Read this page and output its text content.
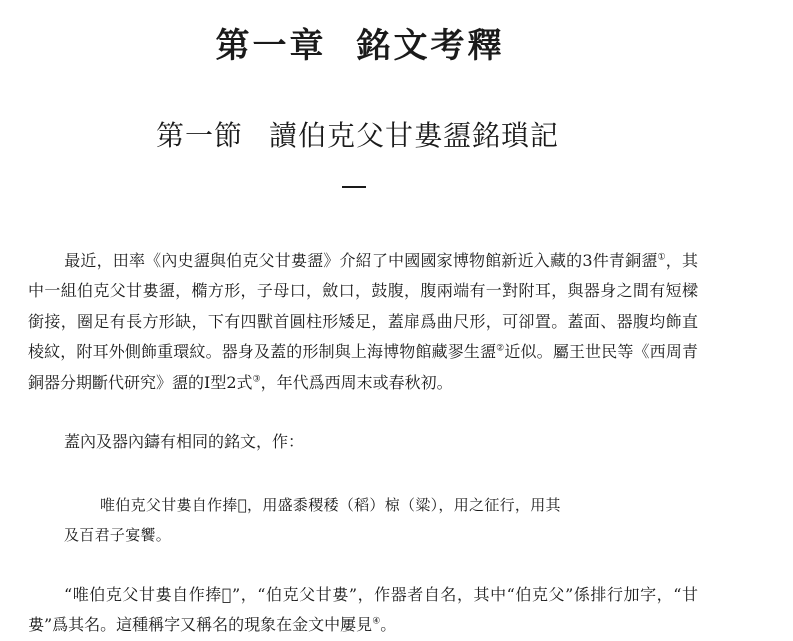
第一章 銘文考釋
第一節 讀伯克父甘婁盨銘瑣記

最近，田率《內史盨與伯克父甘婁盨》介紹了中國國家博物館新近入藏的3件青銅盨①，其中一組伯克父甘婁盨，橢方形，子母口，斂口，鼓腹，腹兩端有一對附耳，與器身之間有短樑銜接，圈足有長方形缺，下有四獸首圓柱形矮足，蓋扉爲曲尺形，可卻置。蓋面、器腹均飾直棱紋，附耳外側飾重環紋。器身及蓋的形制與上海博物館藏翏生盨②近似。屬王世民等《西周青銅器分期斷代研究》盨的Ⅰ型2式③，年代爲西周末或春秋初。

蓋內及器內鑄有相同的銘文，作：

唯伯克父甘婁自作捧𥓆，用盛黍稷䅗（稻）椋（粱），用之征行，用其
及百君子宴饗。

“唯伯克父甘婁自作捧𥓆”，“伯克父甘婁”，作器者自名，其中“伯克父”係排行加字，“甘婁”爲其名。這種稱字又稱名的現象在金文中屢見④。
